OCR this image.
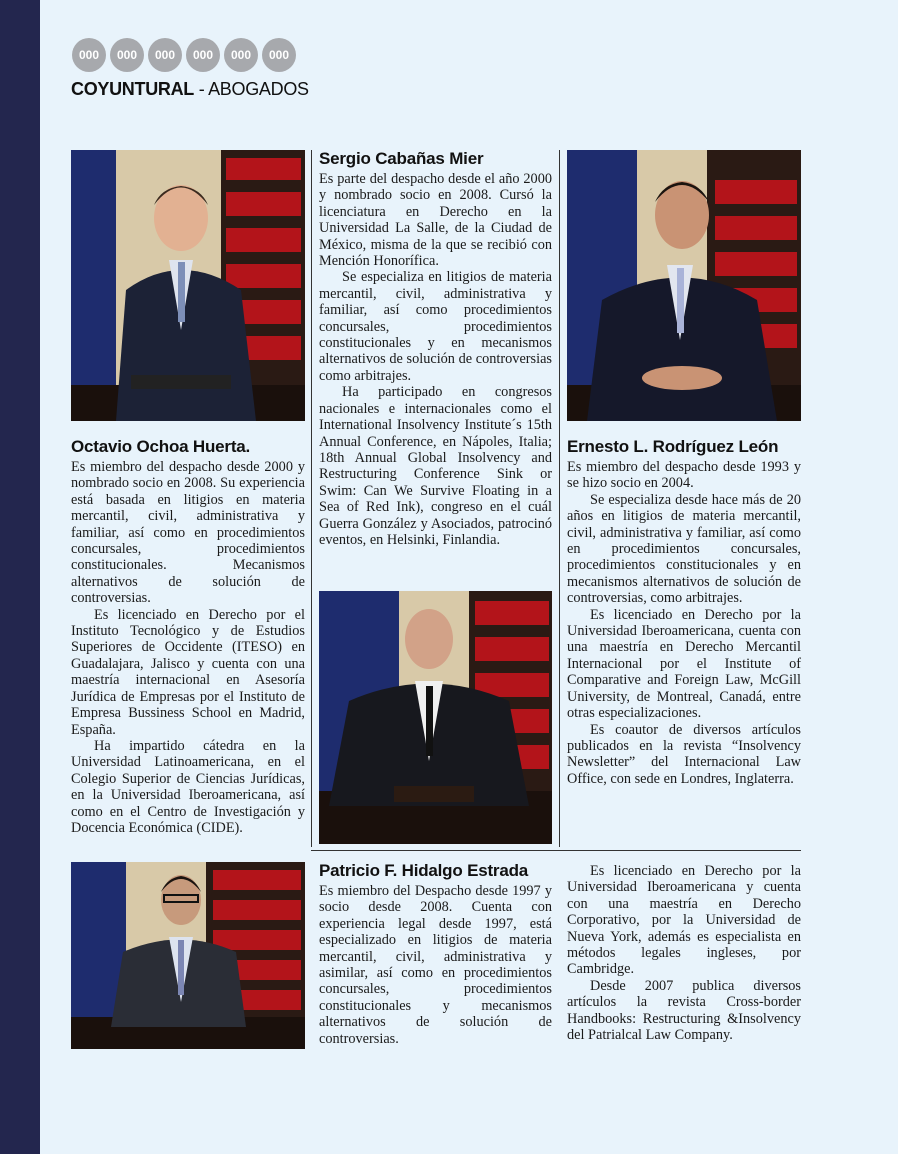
000	000	000	000	000	000
COYUNTURAL - ABOGADOS
Octavio Ochoa Huerta.

Es miembro del despacho desde 2000 y nombrado socio en 2008. Su experiencia está basada en litigios en materia mercantil, civil, administrativa y familiar, así como en procedimientos concursales, procedimientos constitucionales. Mecanismos alternativos de solución de controversias.

Es licenciado en Derecho por el Instituto Tecnológico y de Estudios Superiores de Occidente (ITESO) en Guadalajara, Jalisco y cuenta con una maestría internacional en Asesoría Jurídica de Empresas por el Instituto de Empresa Bussiness School en Madrid, España.

Ha impartido cátedra en la Universidad Latinoamericana, en el Colegio Superior de Ciencias Jurídicas, en la Universidad Iberoamericana, así como en el Centro de Investigación y Docencia Económica (CIDE).

Sergio Cabañas Mier

Es parte del despacho desde el año 2000 y nombrado socio en 2008. Cursó la licenciatura en Derecho en la Universidad La Salle, de la Ciudad de México, misma de la que se recibió con Mención Honorífica.

Se especializa en litigios de materia mercantil, civil, administrativa y familiar, así como procedimientos concursales, procedimientos constitucionales y en mecanismos alternativos de solución de controversias como arbitrajes.

Ha participado en congresos nacionales e internacionales como el International Insolvency Institute´s 15th Annual Conference, en Nápoles, Italia; 18th Annual Global Insolvency and Restructuring Conference Sink or Swim: Can We Survive Floating in a Sea of Red Ink), congreso en el cuál Guerra González y Asociados, patrocinó eventos, en Helsinki, Finlandia.

Ernesto L. Rodríguez León

Es miembro del despacho desde 1993 y se hizo socio en 2004.

Se especializa desde hace más de 20 años en litigios de materia mercantil, civil, administrativa y familiar, así como en procedimientos concursales, procedimientos constitucionales y en mecanismos alternativos de solución de controversias, como arbitrajes.

Es licenciado en Derecho por la Universidad Iberoamericana, cuenta con una maestría en Derecho Mercantil Internacional por el Institute of Comparative and Foreign Law, McGill University, de Montreal, Canadá, entre otras especializaciones.

Es coautor de diversos artículos publicados en la revista “Insolvency Newsletter” del Internacional Law Office, con sede en Londres, Inglaterra.

Patricio F. Hidalgo Estrada

Es miembro del Despacho desde 1997 y socio desde 2008. Cuenta con experiencia legal desde 1997, está especializado en litigios de materia mercantil, civil, administrativa y asimilar, así como en procedimientos concursales, procedimientos constitucionales y mecanismos alternativos de solución de controversias.

Es licenciado en Derecho por la Universidad Iberoamericana y cuenta con una maestría en Derecho Corporativo, por la Universidad de Nueva York, además es especialista en métodos legales ingleses, por Cambridge.

Desde 2007 publica diversos artículos la revista Cross-border Handbooks: Restructuring &Insolvency del Patrialcal Law Company.
